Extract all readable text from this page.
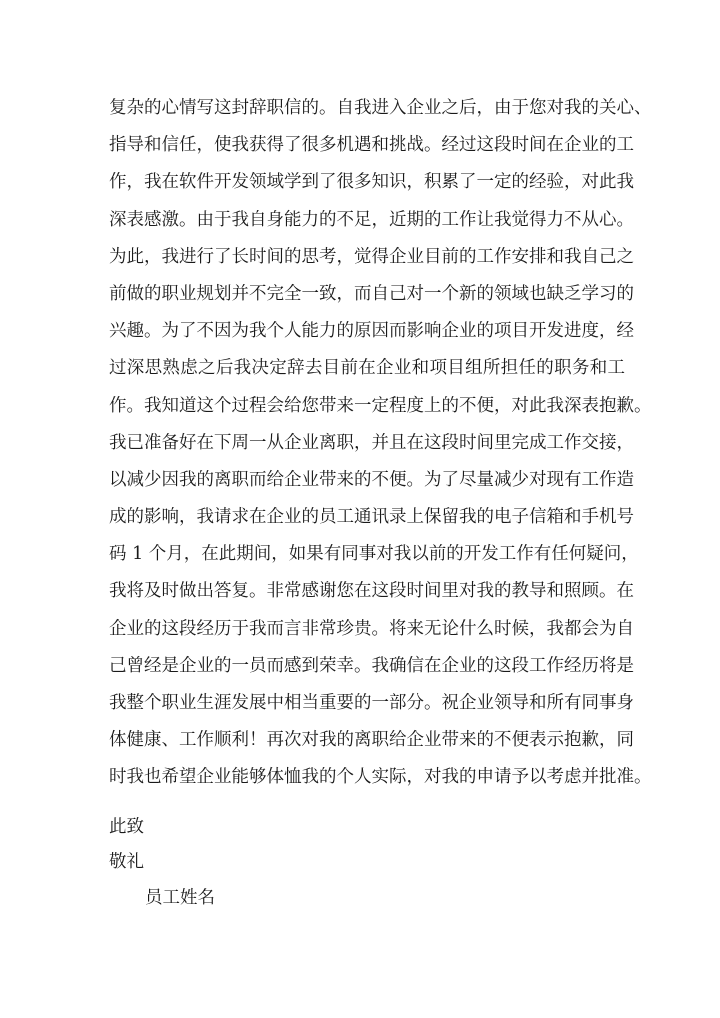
复杂的心情写这封辞职信的。自我进入企业之后，由于您对我的关心、
指导和信任，使我获得了很多机遇和挑战。经过这段时间在企业的工
作，我在软件开发领域学到了很多知识，积累了一定的经验，对此我
深表感激。由于我自身能力的不足，近期的工作让我觉得力不从心。
为此，我进行了长时间的思考，觉得企业目前的工作安排和我自己之
前做的职业规划并不完全一致，而自己对一个新的领域也缺乏学习的
兴趣。为了不因为我个人能力的原因而影响企业的项目开发进度，经
过深思熟虑之后我决定辞去目前在企业和项目组所担任的职务和工
作。我知道这个过程会给您带来一定程度上的不便，对此我深表抱歉。
我已准备好在下周一从企业离职，并且在这段时间里完成工作交接，
以减少因我的离职而给企业带来的不便。为了尽量减少对现有工作造
成的影响，我请求在企业的员工通讯录上保留我的电子信箱和手机号
码 1 个月，在此期间，如果有同事对我以前的开发工作有任何疑问，
我将及时做出答复。非常感谢您在这段时间里对我的教导和照顾。在
企业的这段经历于我而言非常珍贵。将来无论什么时候，我都会为自
己曾经是企业的一员而感到荣幸。我确信在企业的这段工作经历将是
我整个职业生涯发展中相当重要的一部分。祝企业领导和所有同事身
体健康、工作顺利！再次对我的离职给企业带来的不便表示抱歉，同
时我也希望企业能够体恤我的个人实际，对我的申请予以考虑并批准。
此致
敬礼
员工姓名
